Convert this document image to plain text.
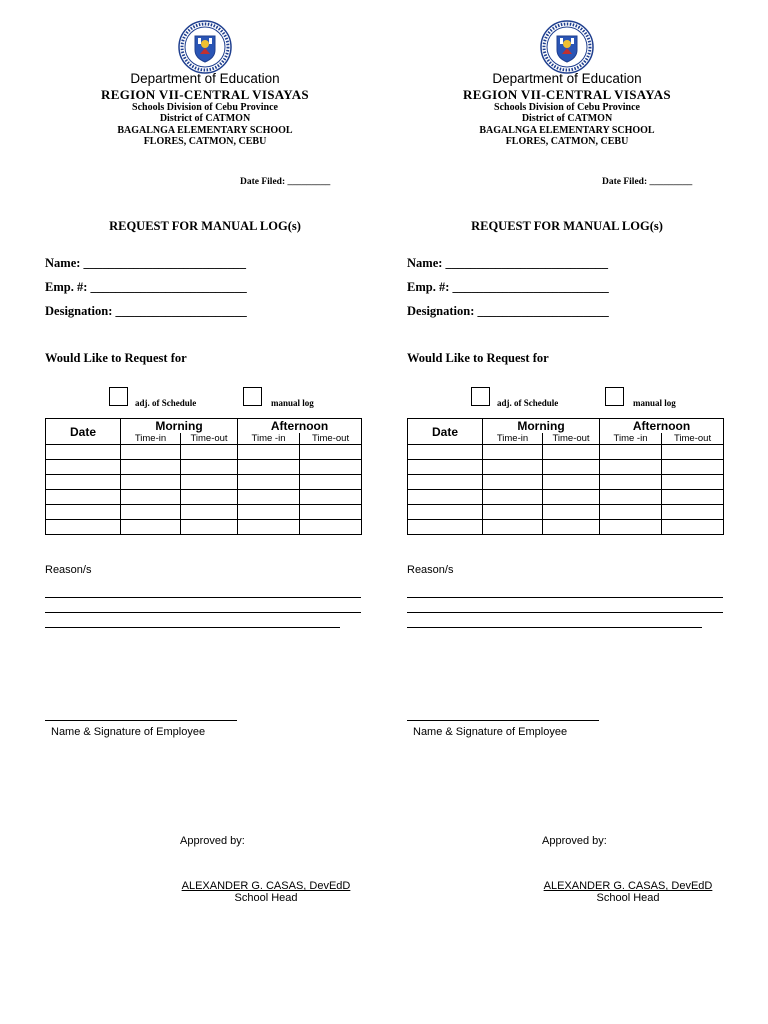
Department of Education
REGION VII-CENTRAL VISAYAS
Schools Division of Cebu Province
District of CATMON
BAGALNGA ELEMENTARY SCHOOL
FLORES, CATMON, CEBU
Date Filed: _________
REQUEST FOR MANUAL LOG(s)
Name: __________________________
Emp. #: _________________________
Designation: _____________________
Would Like to Request for
adj. of Schedule	manual log
Date	Morning		Afternoon	
	Time-in	Time-out	Time -in	Time-out

Reason/s
Name & Signature of Employee
Approved by:
ALEXANDER G. CASAS, DevEdD
School Head
Department of Education
REGION VII-CENTRAL VISAYAS
Schools Division of Cebu Province
District of CATMON
BAGALNGA ELEMENTARY SCHOOL
FLORES, CATMON, CEBU
Date Filed: _________
REQUEST FOR MANUAL LOG(s)
Name: __________________________
Emp. #: _________________________
Designation: _____________________
Would Like to Request for
adj. of Schedule	manual log
Date	Morning		Afternoon	
	Time-in	Time-out	Time -in	Time-out

Reason/s
Name & Signature of Employee
Approved by:
ALEXANDER G. CASAS, DevEdD
School Head
